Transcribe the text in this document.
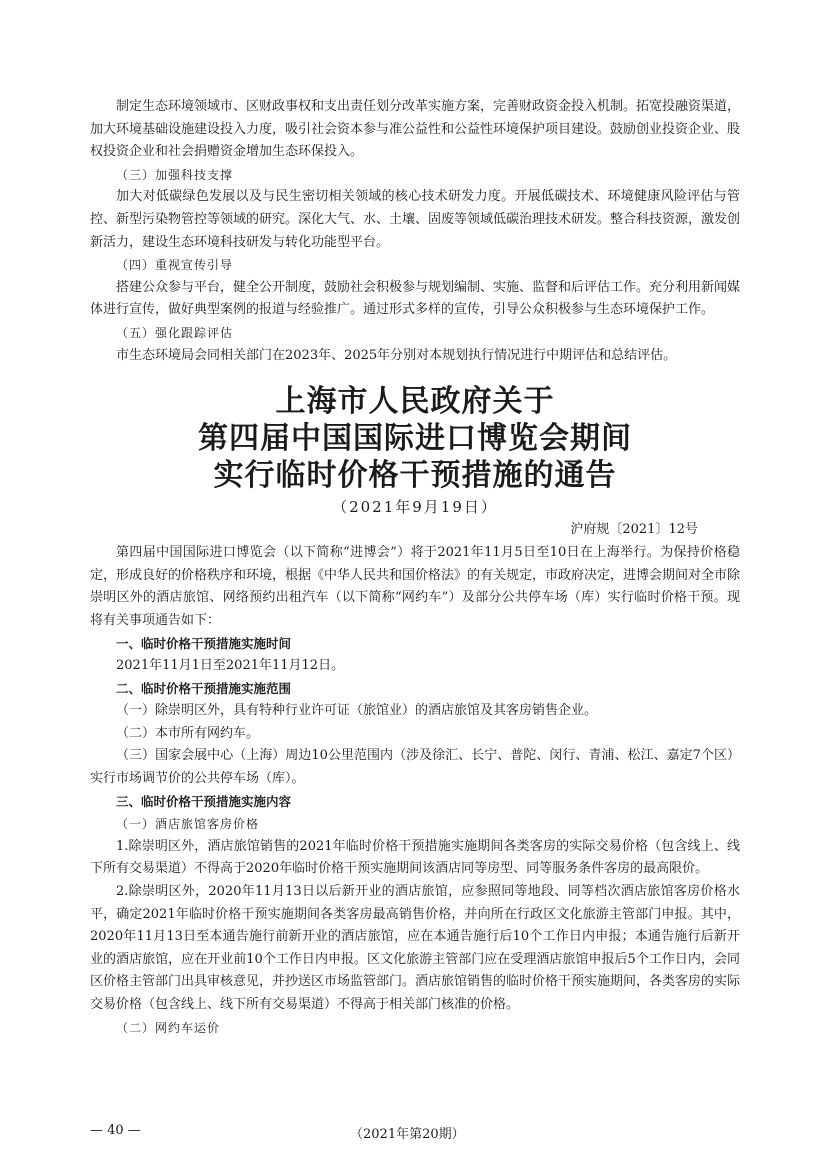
制定生态环境领域市、区财政事权和支出责任划分改革实施方案，完善财政资金投入机制。拓宽投融资渠道，加大环境基础设施建设投入力度，吸引社会资本参与准公益性和公益性环境保护项目建设。鼓励创业投资企业、股权投资企业和社会捐赠资金增加生态环保投入。

（三）加强科技支撑

加大对低碳绿色发展以及与民生密切相关领域的核心技术研发力度。开展低碳技术、环境健康风险评估与管控、新型污染物管控等领域的研究。深化大气、水、土壤、固废等领域低碳治理技术研发。整合科技资源，激发创新活力，建设生态环境科技研发与转化功能型平台。

（四）重视宣传引导

搭建公众参与平台，健全公开制度，鼓励社会积极参与规划编制、实施、监督和后评估工作。充分利用新闻媒体进行宣传，做好典型案例的报道与经验推广。通过形式多样的宣传，引导公众积极参与生态环境保护工作。

（五）强化跟踪评估

市生态环境局会同相关部门在2023年、2025年分别对本规划执行情况进行中期评估和总结评估。

上海市人民政府关于
第四届中国国际进口博览会期间
实行临时价格干预措施的通告
（2021年9月19日）
沪府规〔2021〕12号

第四届中国国际进口博览会（以下简称“进博会”）将于2021年11月5日至10日在上海举行。为保持价格稳定，形成良好的价格秩序和环境，根据《中华人民共和国价格法》的有关规定，市政府决定，进博会期间对全市除崇明区外的酒店旅馆、网络预约出租汽车（以下简称“网约车”）及部分公共停车场（库）实行临时价格干预。现将有关事项通告如下：

一、临时价格干预措施实施时间

2021年11月1日至2021年11月12日。

二、临时价格干预措施实施范围

（一）除崇明区外，具有特种行业许可证（旅馆业）的酒店旅馆及其客房销售企业。

（二）本市所有网约车。

（三）国家会展中心（上海）周边10公里范围内（涉及徐汇、长宁、普陀、闵行、青浦、松江、嘉定7个区）实行市场调节价的公共停车场（库）。

三、临时价格干预措施实施内容

（一）酒店旅馆客房价格

1.除崇明区外，酒店旅馆销售的2021年临时价格干预措施实施期间各类客房的实际交易价格（包含线上、线下所有交易渠道）不得高于2020年临时价格干预实施期间该酒店同等房型、同等服务条件客房的最高限价。

2.除崇明区外，2020年11月13日以后新开业的酒店旅馆，应参照同等地段、同等档次酒店旅馆客房价格水平，确定2021年临时价格干预实施期间各类客房最高销售价格，并向所在行政区文化旅游主管部门申报。其中，2020年11月13日至本通告施行前新开业的酒店旅馆，应在本通告施行后10个工作日内申报；本通告施行后新开业的酒店旅馆，应在开业前10个工作日内申报。区文化旅游主管部门应在受理酒店旅馆申报后5个工作日内，会同区价格主管部门出具审核意见，并抄送区市场监管部门。酒店旅馆销售的临时价格干预实施期间，各类客房的实际交易价格（包含线上、线下所有交易渠道）不得高于相关部门核准的价格。

（二）网约车运价

— 40 —	（2021年第20期）
